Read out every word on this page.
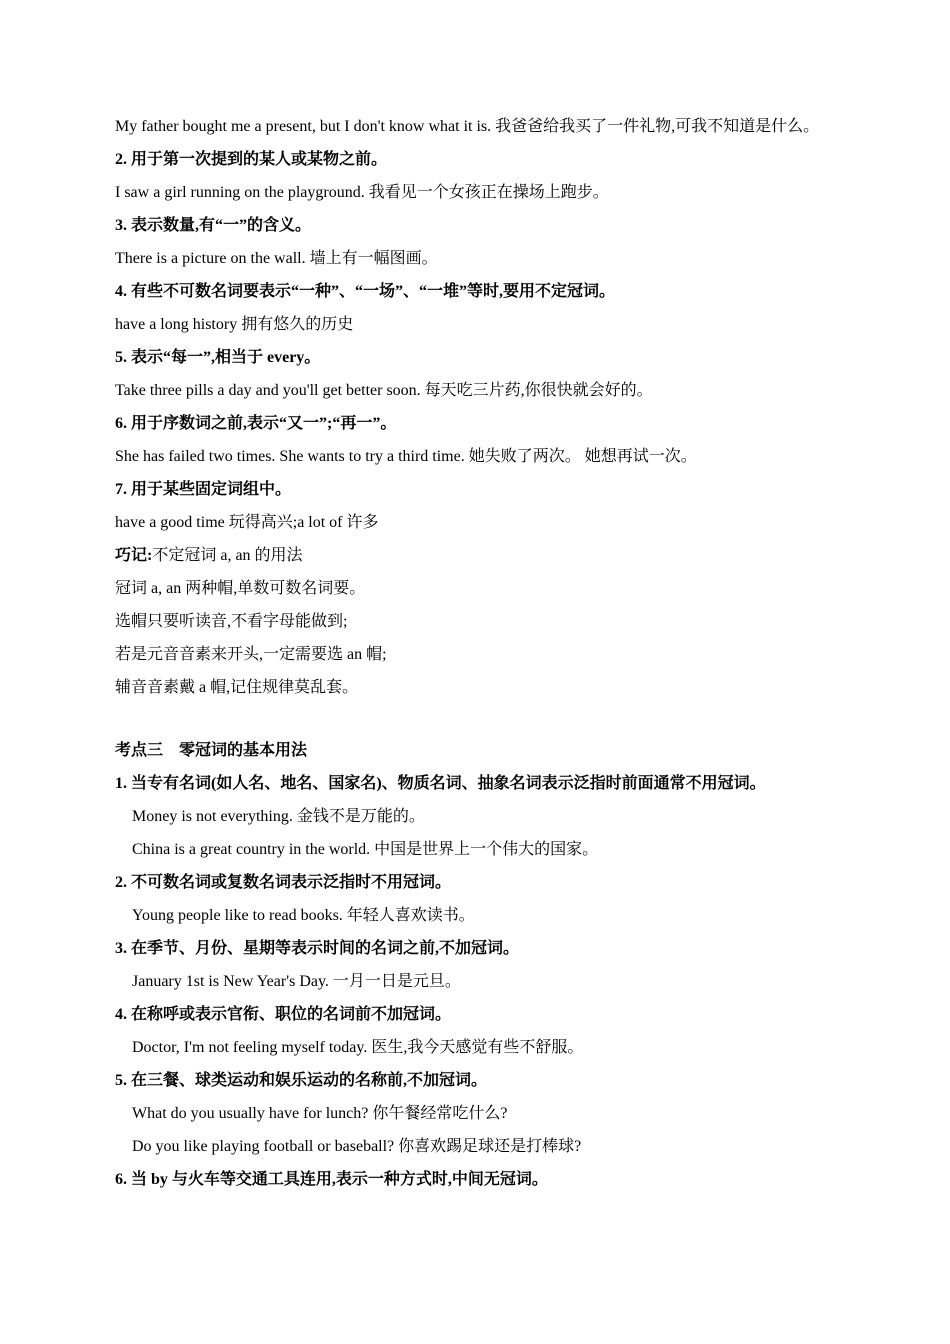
My father bought me a present, but I don't know what it is. 我爸爸给我买了一件礼物,可我不知道是什么。
2. 用于第一次提到的某人或某物之前。
I saw a girl running on the playground. 我看见一个女孩正在操场上跑步。
3. 表示数量,有“一”的含义。
There is a picture on the wall. 墙上有一幅图画。
4. 有些不可数名词要表示“一种”、“一场”、“一堆”等时,要用不定冠词。
have a long history 拥有悠久的历史
5. 表示“每一”,相当于 every。
Take three pills a day and you'll get better soon. 每天吃三片药,你很快就会好的。
6. 用于序数词之前,表示“又一”;“再一”。
She has failed two times. She wants to try a third time. 她失败了两次。 她想再试一次。
7. 用于某些固定词组中。
have a good time 玩得高兴;a lot of 许多
巧记:不定冠词 a, an 的用法
冠词 a, an 两种帽,单数可数名词要。
选帽只要听读音,不看字母能做到;
若是元音音素来开头,一定需要选 an 帽;
辅音音素戴 a 帽,记住规律莫乱套。
考点三　零冠词的基本用法
1. 当专有名词(如人名、地名、国家名)、物质名词、抽象名词表示泛指时前面通常不用冠词。
Money is not everything. 金钱不是万能的。
China is a great country in the world. 中国是世界上一个伟大的国家。
2. 不可数名词或复数名词表示泛指时不用冠词。
Young people like to read books. 年轻人喜欢读书。
3. 在季节、月份、星期等表示时间的名词之前,不加冠词。
January 1st is New Year's Day. 一月一日是元旦。
4. 在称呼或表示官衔、职位的名词前不加冠词。
Doctor, I'm not feeling myself today. 医生,我今天感觉有些不舒服。
5. 在三餐、球类运动和娱乐运动的名称前,不加冠词。
What do you usually have for lunch? 你午餐经常吃什么?
Do you like playing football or baseball? 你喜欢踢足球还是打棒球?
6. 当 by 与火车等交通工具连用,表示一种方式时,中间无冠词。
